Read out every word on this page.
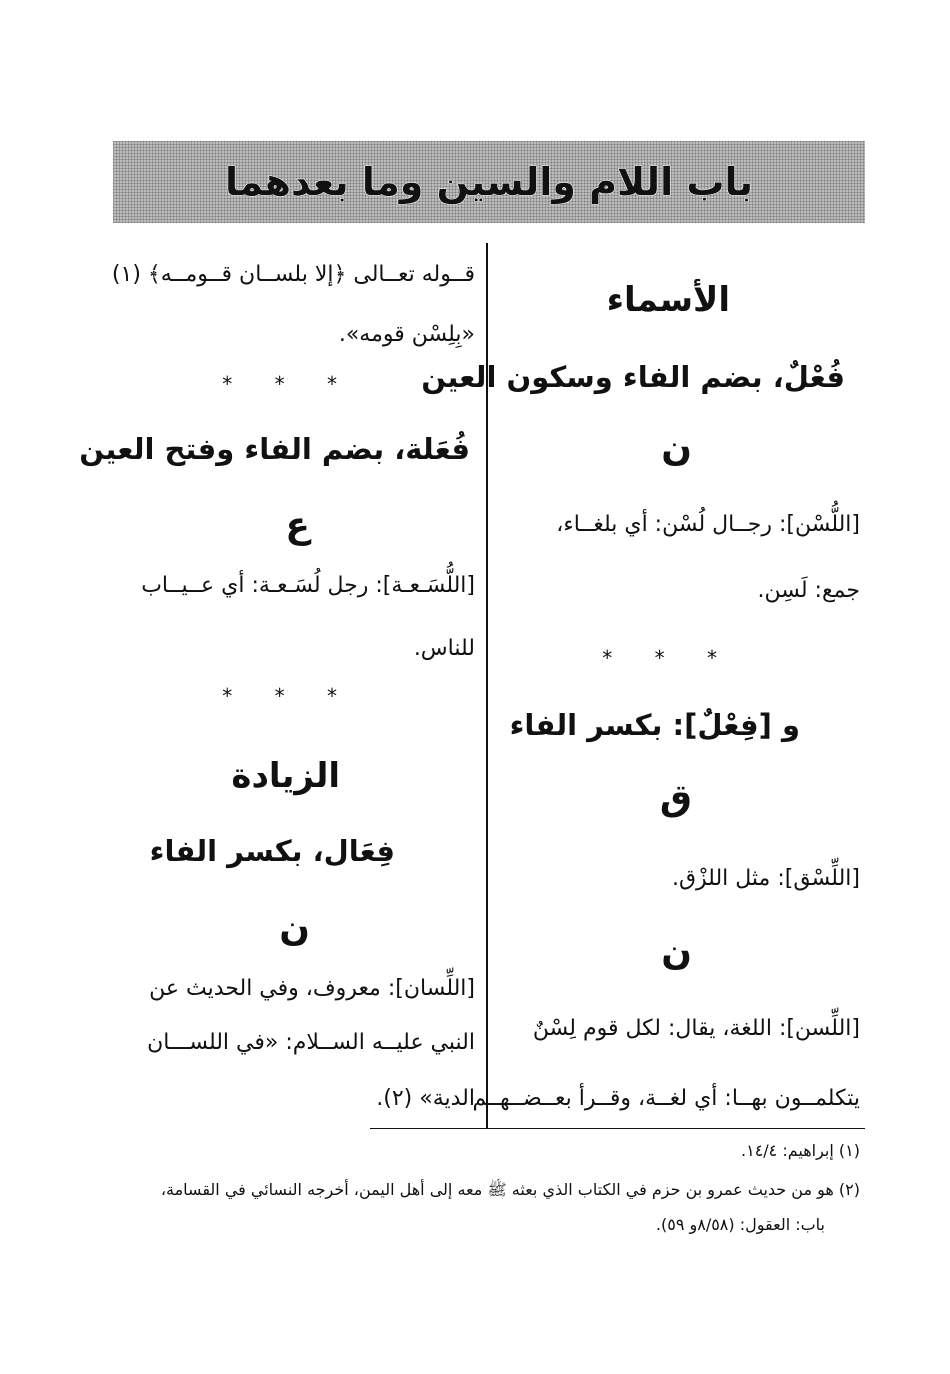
باب اللام والسين وما بعدهما
الأسماء
فُعْلٌ، بضم الفاء وسكون العين
ن
[اللُّسْن]: رجــال لُسْن: أي بلغــاء،
جمع: لَسِن.
* * *
و [فِعْلٌ]: بكسر الفاء
ق
[اللِّسْق]: مثل اللزْق.
ن
[اللِّسن]: اللغة، يقال: لكل قوم لِسْنٌ
يتكلمــون بهــا: أي لغــة، وقــرأ بعــضــهــم
قــوله تعــالى ﴿إلا بلســان قــومــه﴾ (١)
«بِلِسْن قومه».
* * *
فُعَلة، بضم الفاء وفتح العين
ع
[اللُّسَـعـة]: رجل لُسَـعـة: أي عــيــاب
للناس.
* * *
الزيادة
فِعَال، بكسر الفاء
ن
[اللِّسان]: معروف، وفي الحديث عن
النبي عليــه الســلام: «في اللســـان
الدية» (٢).
(١) إبراهيم: ١٤/٤.
(٢) هو من حديث عمرو بن حزم في الكتاب الذي بعثه ﷺ معه إلى أهل اليمن، أخرجه النسائي في القسامة،
باب: العقول: (٨/٥٨و ٥٩).
